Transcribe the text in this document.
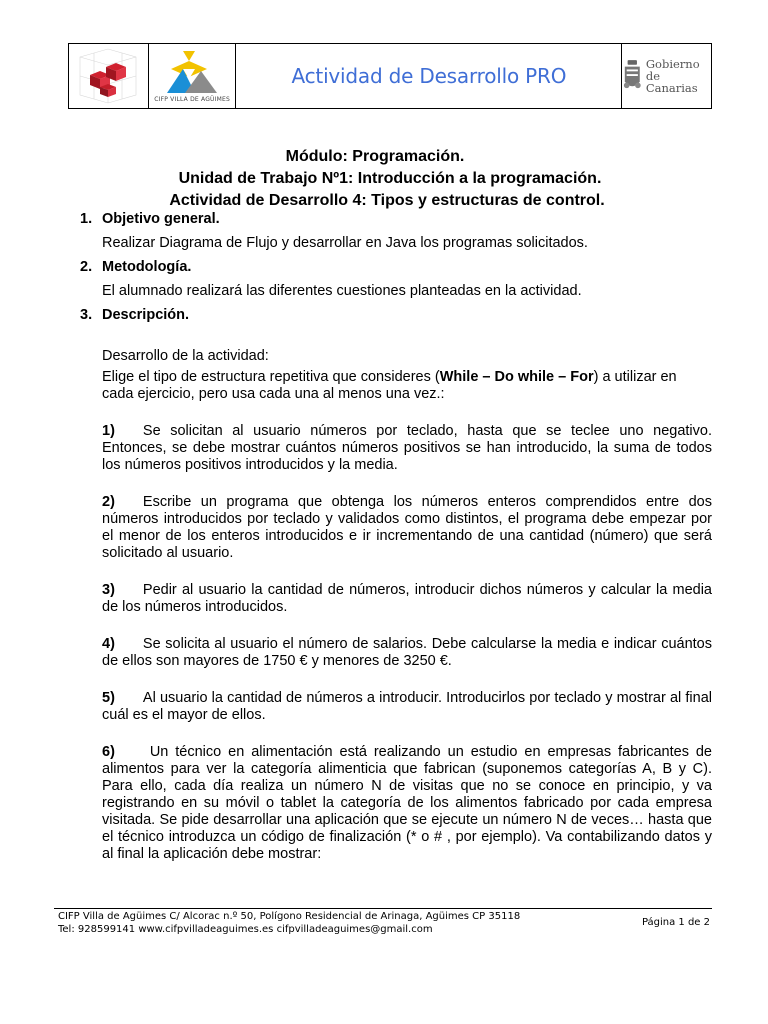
CIFP VILLA DE AGÜIMES
Actividad de Desarrollo PRO	Gobierno
de Canarias
Módulo: Programación.
Unidad de Trabajo Nº1: Introducción a la programación.
Actividad de Desarrollo 4: Tipos y estructuras de control.
1. Objetivo general.
Realizar Diagrama de Flujo y desarrollar en Java los programas solicitados.
2. Metodología.
El alumnado realizará las diferentes cuestiones planteadas en la actividad.
3. Descripción.
Desarrollo de la actividad:
Elige el tipo de estructura repetitiva que consideres (While – Do while – For) a utilizar en cada ejercicio, pero usa cada una al menos una vez.:
1) Se solicitan al usuario números por teclado, hasta que se teclee uno negativo. Entonces, se debe mostrar cuántos números positivos se han introducido, la suma de todos los números positivos introducidos y la media.
2) Escribe un programa que obtenga los números enteros comprendidos entre dos números introducidos por teclado y validados como distintos, el programa debe empezar por el menor de los enteros introducidos e ir incrementando de una cantidad (número) que será solicitado al usuario.
3) Pedir al usuario la cantidad de números, introducir dichos números y calcular la media de los números introducidos.
4) Se solicita al usuario el número de salarios. Debe calcularse la media e indicar cuántos de ellos son mayores de 1750 € y menores de 3250 €.
5) Al usuario la cantidad de números a introducir. Introducirlos por teclado y mostrar al final cuál es el mayor de ellos.
6) Un técnico en alimentación está realizando un estudio en empresas fabricantes de alimentos para ver la categoría alimenticia que fabrican (suponemos categorías A, B y C). Para ello, cada día realiza un número N de visitas que no se conoce en principio, y va registrando en su móvil o tablet la categoría de los alimentos fabricado por cada empresa visitada. Se pide desarrollar una aplicación que se ejecute un número N de veces… hasta que el técnico introduzca un código de finalización (* o # , por ejemplo). Va contabilizando datos y al final la aplicación debe mostrar:
CIFP Villa de Agüimes C/ Alcorac n.º 50, Polígono Residencial de Arinaga, Agüimes CP 35118
Tel: 928599141 www.cifpvilladeaguimes.es cifpvilladeaguimes@gmail.com
Página 1 de 2
